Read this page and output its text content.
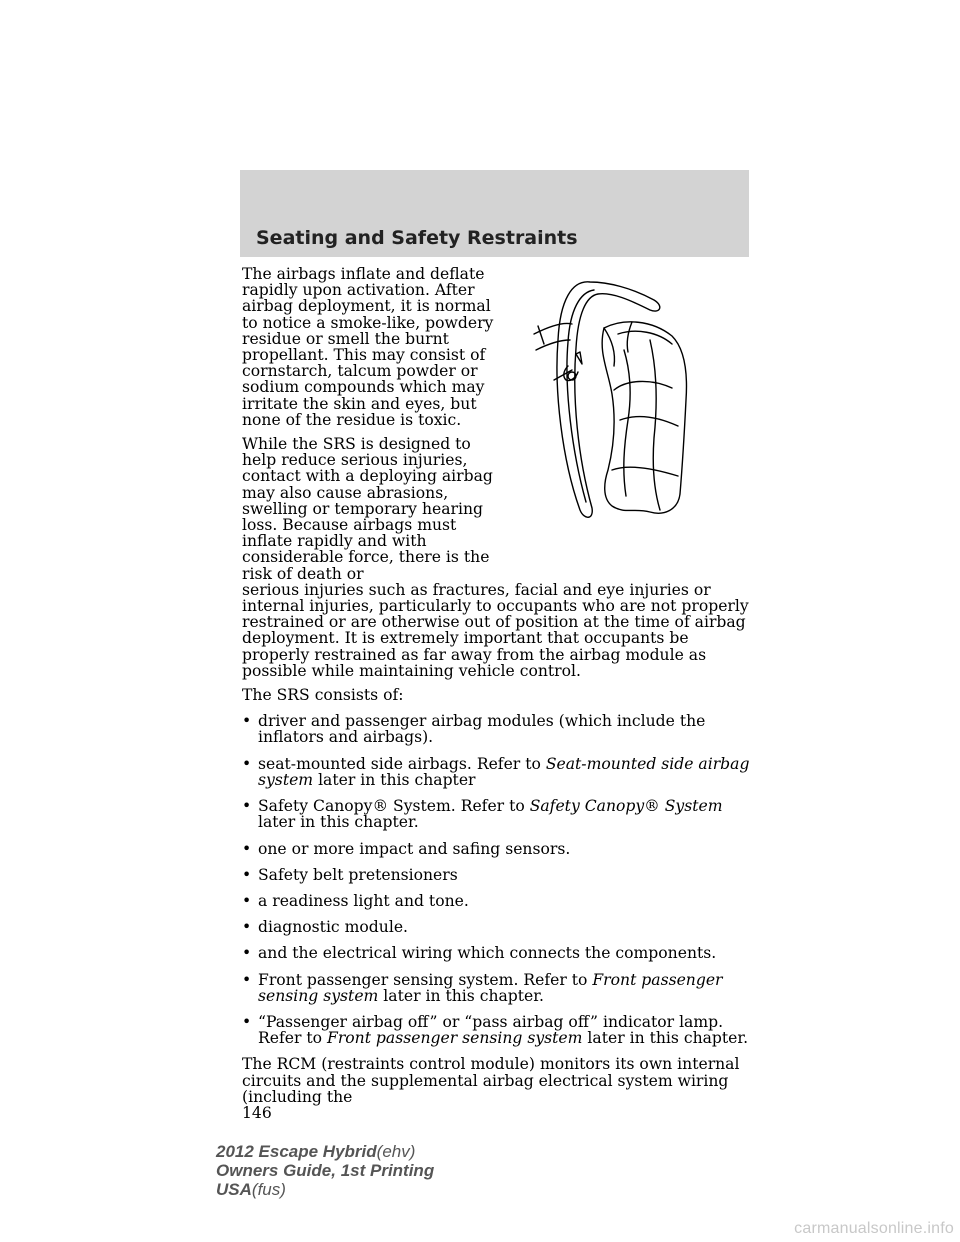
Seating and Safety Restraints

The airbags inflate and deflate rapidly upon activation. After airbag deployment, it is normal to notice a smoke-like, powdery residue or smell the burnt propellant. This may consist of cornstarch, talcum powder or sodium compounds which may irritate the skin and eyes, but none of the residue is toxic.

While the SRS is designed to help reduce serious injuries, contact with a deploying airbag may also cause abrasions, swelling or temporary hearing loss. Because airbags must inflate rapidly and with considerable force, there is the risk of death or

serious injuries such as fractures, facial and eye injuries or internal injuries, particularly to occupants who are not properly restrained or are otherwise out of position at the time of airbag deployment. It is extremely important that occupants be properly restrained as far away from the airbag module as possible while maintaining vehicle control.

The SRS consists of:

• driver and passenger airbag modules (which include the inflators and airbags).
• seat-mounted side airbags. Refer to Seat-mounted side airbag system later in this chapter
• Safety Canopy® System. Refer to Safety Canopy® System later in this chapter.
• one or more impact and safing sensors.
• Safety belt pretensioners
• a readiness light and tone.
• diagnostic module.
• and the electrical wiring which connects the components.
• Front passenger sensing system. Refer to Front passenger sensing system later in this chapter.
• “Passenger airbag off” or “pass airbag off” indicator lamp. Refer to Front passenger sensing system later in this chapter.

The RCM (restraints control module) monitors its own internal circuits and the supplemental airbag electrical system wiring (including the

146
2012 Escape Hybrid(ehv)
Owners Guide, 1st Printing
USA(fus)
carmanualsonline.info
